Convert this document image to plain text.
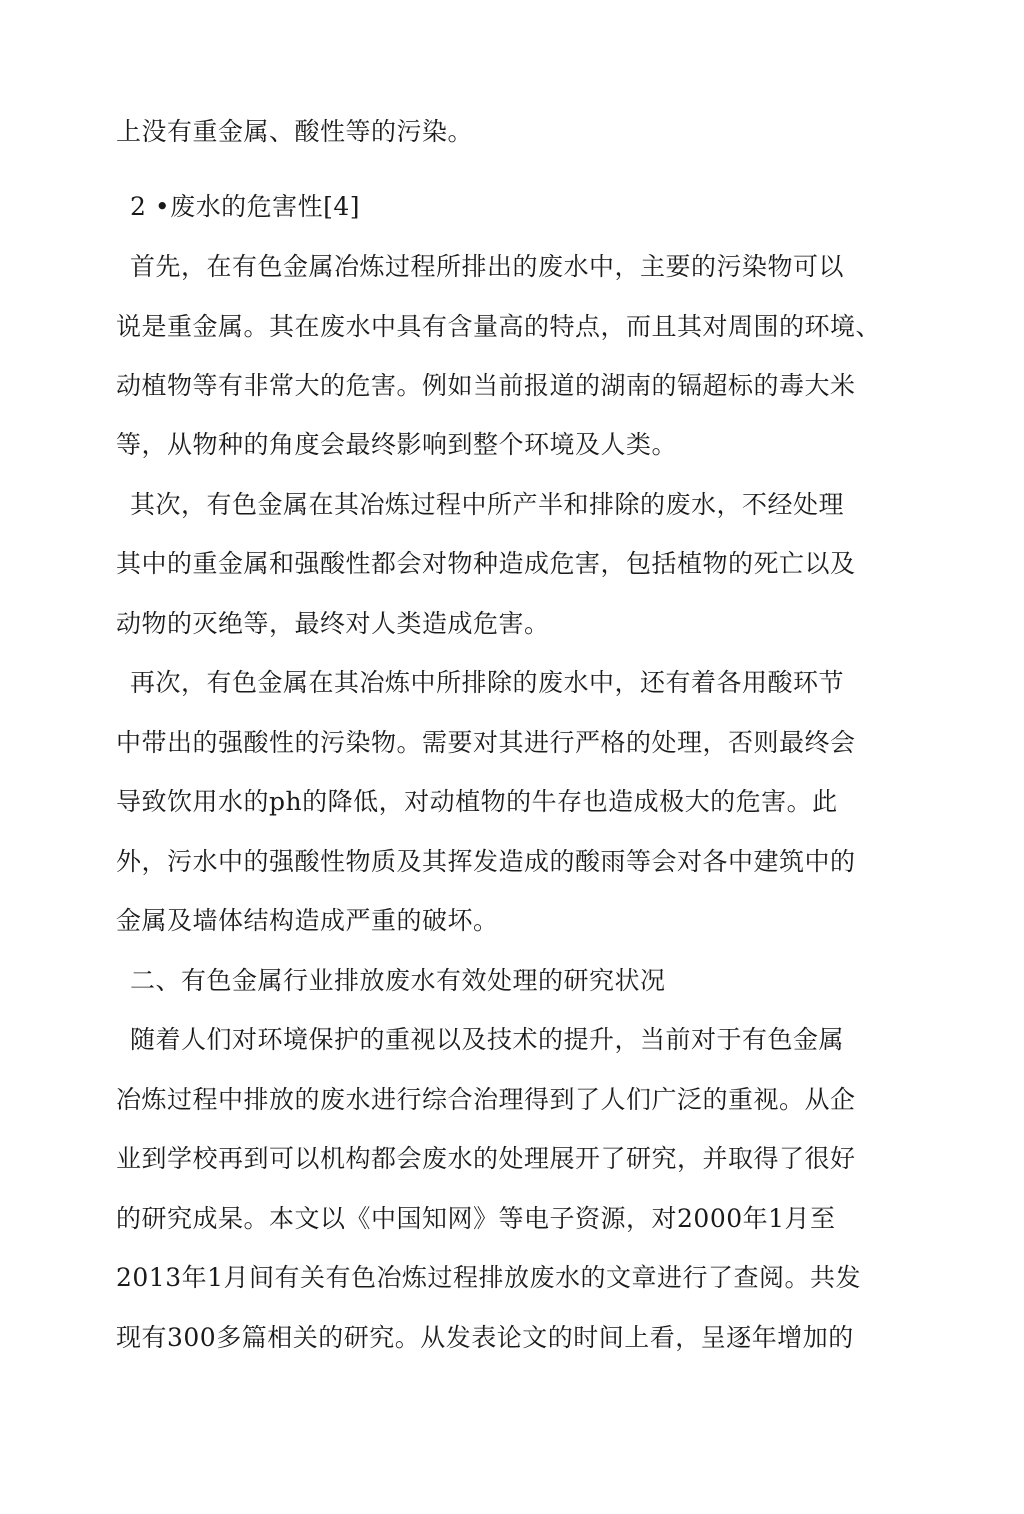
上没有重金属、酸性等的污染。
2 •废水的危害性[4]
首先，在有色金属冶炼过程所排出的废水中，主要的污染物可以
说是重金属。其在废水中具有含量高的特点，而且其对周围的环境、
动植物等有非常大的危害。例如当前报道的湖南的镉超标的毒大米
等，从物种的角度会最终影响到整个环境及人类。
其次，有色金属在其冶炼过程中所产半和排除的废水，不经处理
其中的重金属和强酸性都会对物种造成危害，包括植物的死亡以及
动物的灭绝等，最终对人类造成危害。
再次，有色金属在其冶炼中所排除的废水中，还有着各用酸环节
中带出的强酸性的污染物。需要对其进行严格的处理，否则最终会
导致饮用水的ph的降低，对动植物的牛存也造成极大的危害。此
外，污水中的强酸性物质及其挥发造成的酸雨等会对各中建筑中的
金属及墙体结构造成严重的破坏。
二、有色金属行业排放废水有效处理的研究状况
随着人们对环境保护的重视以及技术的提升，当前对于有色金属
冶炼过程中排放的废水进行综合治理得到了人们广泛的重视。从企
业到学校再到可以机构都会废水的处理展开了研究，并取得了很好
的研究成杲。本文以《中国知网》等电子资源，对2000年1月至
2013年1月间有关有色冶炼过程排放废水的文章进行了查阅。共发
现有300多篇相关的研究。从发表论文的时间上看，呈逐年增加的
